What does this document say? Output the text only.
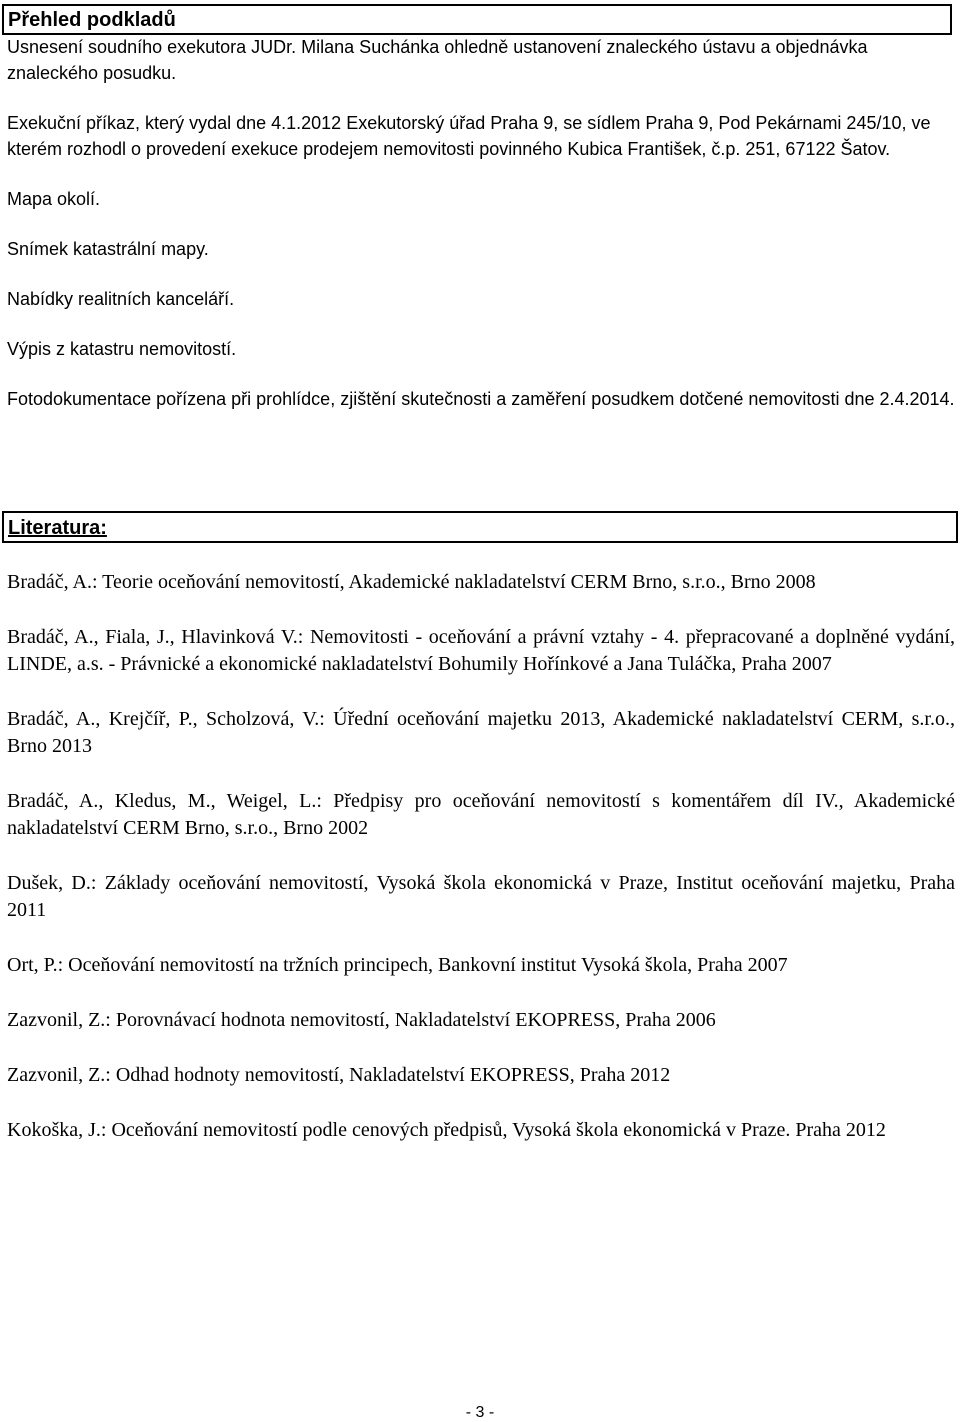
Přehled podkladů

Usnesení soudního exekutora JUDr. Milana Suchánka ohledně ustanovení znaleckého ústavu a objednávka znaleckého posudku.

Exekuční příkaz, který vydal dne 4.1.2012 Exekutorský úřad Praha 9, se sídlem Praha 9, Pod Pekárnami 245/10, ve kterém rozhodl o provedení exekuce prodejem nemovitosti povinného Kubica František, č.p. 251, 67122 Šatov.

Mapa okolí.

Snímek katastrální mapy.

Nabídky realitních kanceláří.

Výpis z katastru nemovitostí.

Fotodokumentace pořízena při prohlídce, zjištění skutečnosti a zaměření posudkem dotčené nemovitosti dne 2.4.2014.

Literatura:

Bradáč, A.: Teorie oceňování nemovitostí, Akademické nakladatelství CERM Brno, s.r.o., Brno 2008

Bradáč, A., Fiala, J., Hlavinková V.: Nemovitosti - oceňování a právní vztahy - 4. přepracované a doplněné vydání, LINDE, a.s. - Právnické a ekonomické nakladatelství Bohumily Hořínkové a Jana Tuláčka, Praha 2007

Bradáč, A., Krejčíř, P., Scholzová, V.: Úřední oceňování majetku 2013, Akademické nakladatelství CERM, s.r.o., Brno 2013

Bradáč, A., Kledus, M., Weigel, L.: Předpisy pro oceňování nemovitostí s komentářem díl IV., Akademické nakladatelství CERM Brno, s.r.o., Brno 2002

Dušek, D.: Základy oceňování nemovitostí, Vysoká škola ekonomická v Praze, Institut oceňování majetku, Praha 2011

Ort, P.: Oceňování nemovitostí na tržních principech, Bankovní institut Vysoká škola, Praha 2007

Zazvonil, Z.: Porovnávací hodnota nemovitostí, Nakladatelství EKOPRESS, Praha 2006

Zazvonil, Z.: Odhad hodnoty nemovitostí, Nakladatelství EKOPRESS, Praha 2012

Kokoška, J.: Oceňování nemovitostí podle cenových předpisů, Vysoká škola ekonomická v Praze. Praha 2012

- 3 -
